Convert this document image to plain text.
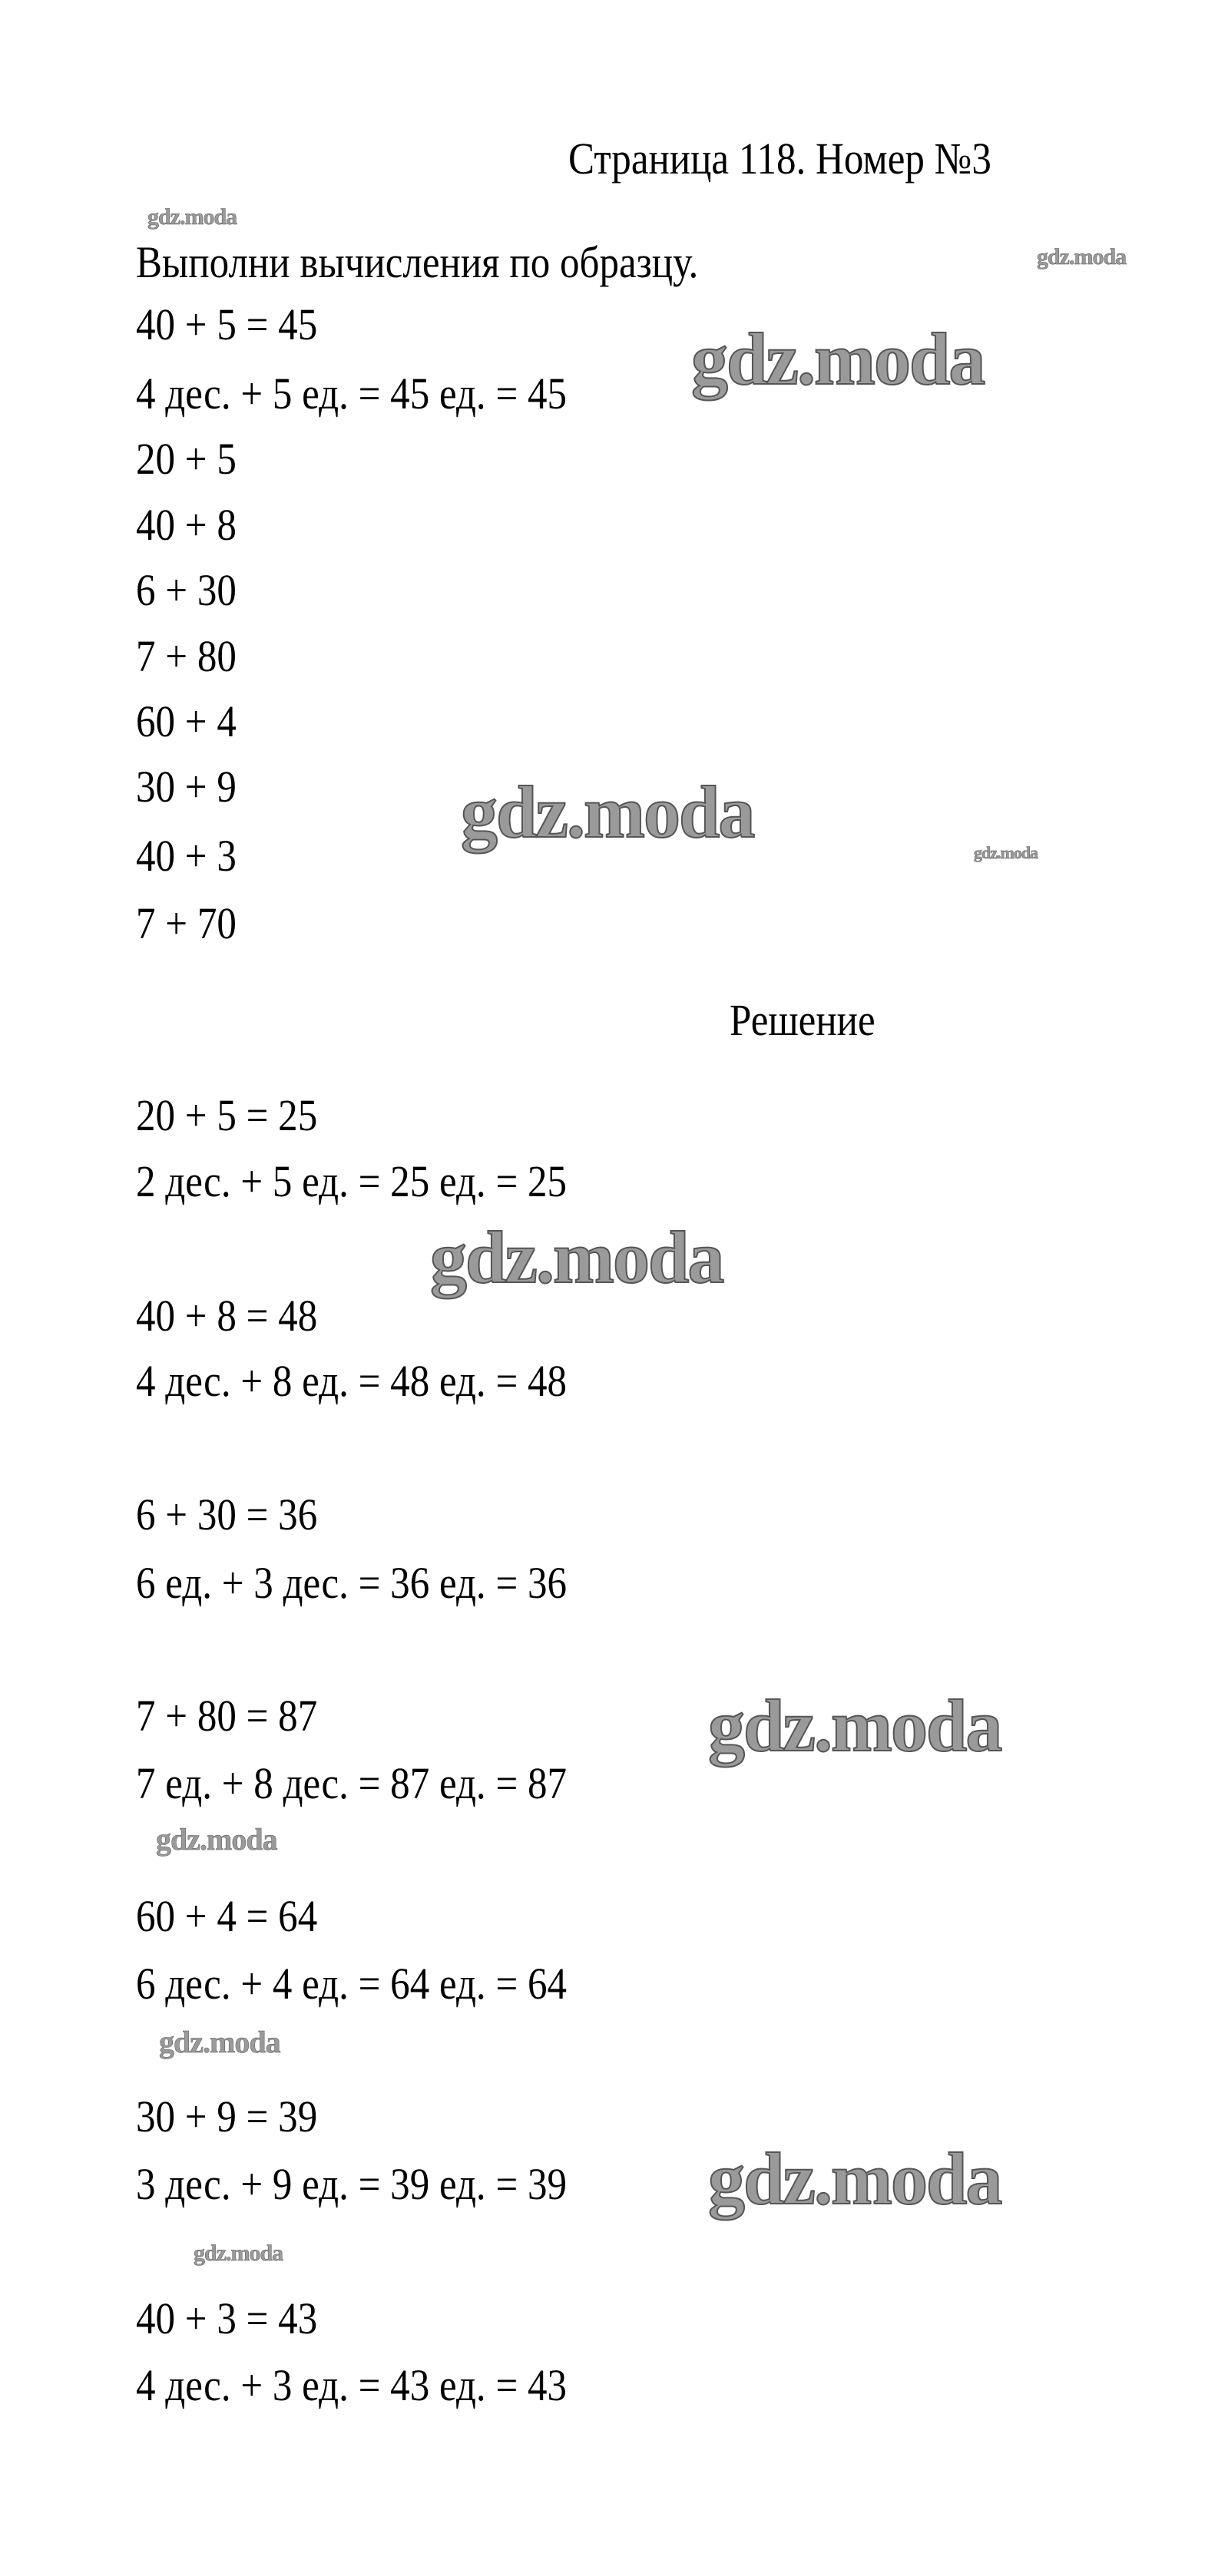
Страница 118. Номер №3
Выполни вычисления по образцу.
40 + 5 = 45
4 дес. + 5 ед. = 45 ед. = 45
20 + 5
40 + 8
6 + 30
7 + 80
60 + 4
30 + 9
40 + 3
7 + 70
Решение
20 + 5 = 25
2 дес. + 5 ед. = 25 ед. = 25
40 + 8 = 48
4 дес. + 8 ед. = 48 ед. = 48
6 + 30 = 36
6 ед. + 3 дес. = 36 ед. = 36
7 + 80 = 87
7 ед. + 8 дес. = 87 ед. = 87
60 + 4 = 64
6 дес. + 4 ед. = 64 ед. = 64
30 + 9 = 39
3 дес. + 9 ед. = 39 ед. = 39
40 + 3 = 43
4 дес. + 3 ед. = 43 ед. = 43
gdz.moda
gdz.moda
gdz.moda
gdz.moda
gdz.moda
gdz.moda
gdz.moda
gdz.moda
gdz.moda
gdz.moda
gdz.moda
